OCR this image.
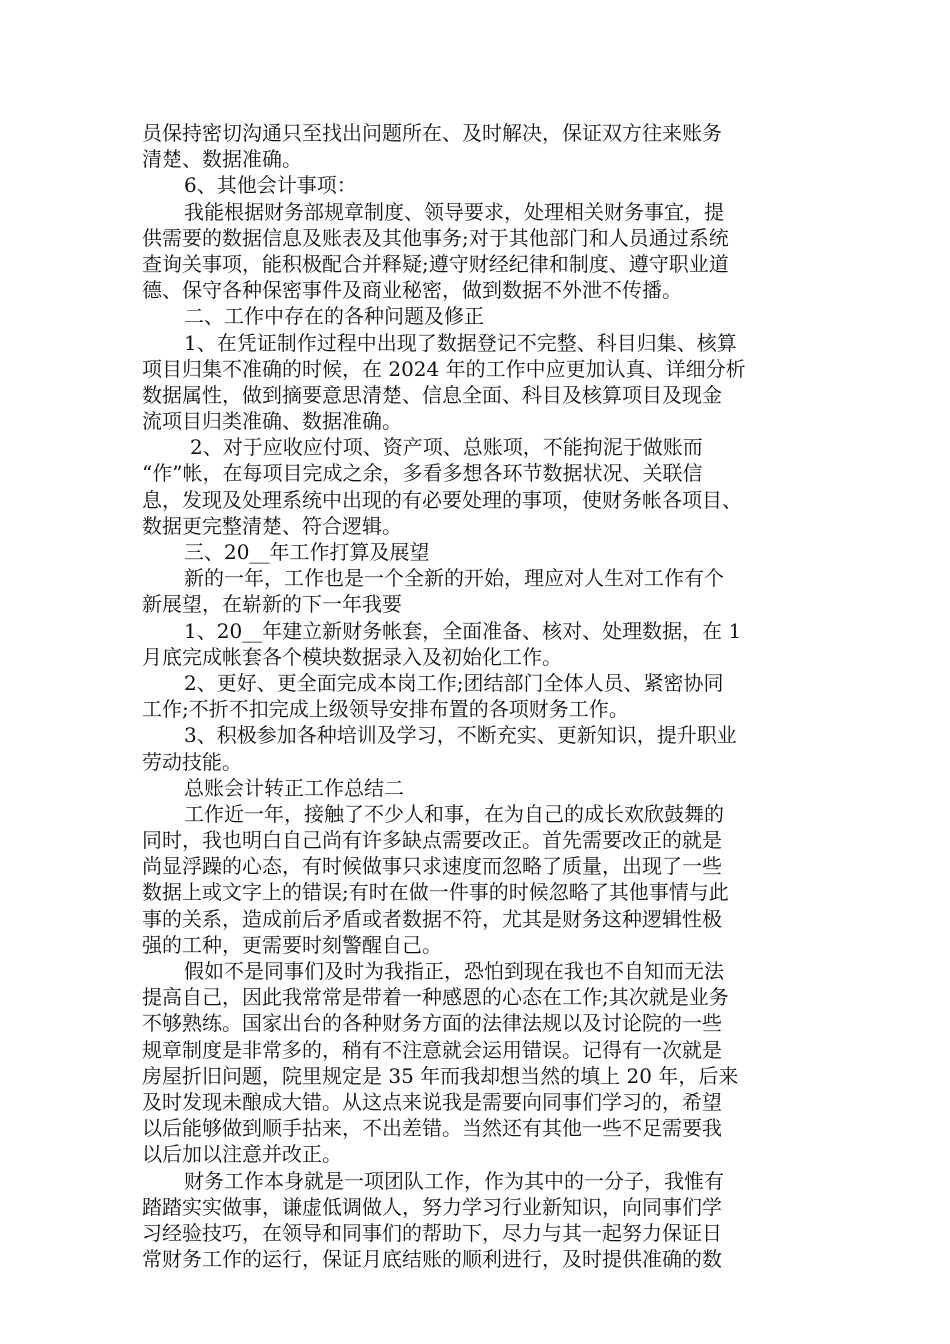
员保持密切沟通只至找出问题所在、及时解决，保证双方往来账务
清楚、数据准确。
6、其他会计事项：
我能根据财务部规章制度、领导要求，处理相关财务事宜，提
供需要的数据信息及账表及其他事务;对于其他部门和人员通过系统
查询关事项，能积极配合并释疑;遵守财经纪律和制度、遵守职业道
德、保守各种保密事件及商业秘密，做到数据不外泄不传播。
二、工作中存在的各种问题及修正
1、在凭证制作过程中出现了数据登记不完整、科目归集、核算
项目归集不准确的时候，在 2024 年的工作中应更加认真、详细分析
数据属性，做到摘要意思清楚、信息全面、科目及核算项目及现金
流项目归类准确、数据准确。
2、对于应收应付项、资产项、总账项，不能拘泥于做账而
“作”帐，在每项目完成之余，多看多想各环节数据状况、关联信
息，发现及处理系统中出现的有必要处理的事项，使财务帐各项目、
数据更完整清楚、符合逻辑。
三、20__年工作打算及展望
新的一年，工作也是一个全新的开始，理应对人生对工作有个
新展望，在崭新的下一年我要
1、20__年建立新财务帐套，全面准备、核对、处理数据，在 1
月底完成帐套各个模块数据录入及初始化工作。
2、更好、更全面完成本岗工作;团结部门全体人员、紧密协同
工作;不折不扣完成上级领导安排布置的各项财务工作。
3、积极参加各种培训及学习，不断充实、更新知识，提升职业
劳动技能。
总账会计转正工作总结二
工作近一年，接触了不少人和事，在为自己的成长欢欣鼓舞的
同时，我也明白自己尚有许多缺点需要改正。首先需要改正的就是
尚显浮躁的心态，有时候做事只求速度而忽略了质量，出现了一些
数据上或文字上的错误;有时在做一件事的时候忽略了其他事情与此
事的关系，造成前后矛盾或者数据不符，尤其是财务这种逻辑性极
强的工种，更需要时刻警醒自己。
假如不是同事们及时为我指正，恐怕到现在我也不自知而无法
提高自己，因此我常常是带着一种感恩的心态在工作;其次就是业务
不够熟练。国家出台的各种财务方面的法律法规以及讨论院的一些
规章制度是非常多的，稍有不注意就会运用错误。记得有一次就是
房屋折旧问题，院里规定是 35 年而我却想当然的填上 20 年，后来
及时发现未酿成大错。从这点来说我是需要向同事们学习的，希望
以后能够做到顺手拈来，不出差错。当然还有其他一些不足需要我
以后加以注意并改正。
财务工作本身就是一项团队工作，作为其中的一分子，我惟有
踏踏实实做事，谦虚低调做人，努力学习行业新知识，向同事们学
习经验技巧，在领导和同事们的帮助下，尽力与其一起努力保证日
常财务工作的运行，保证月底结账的顺利进行，及时提供准确的数
